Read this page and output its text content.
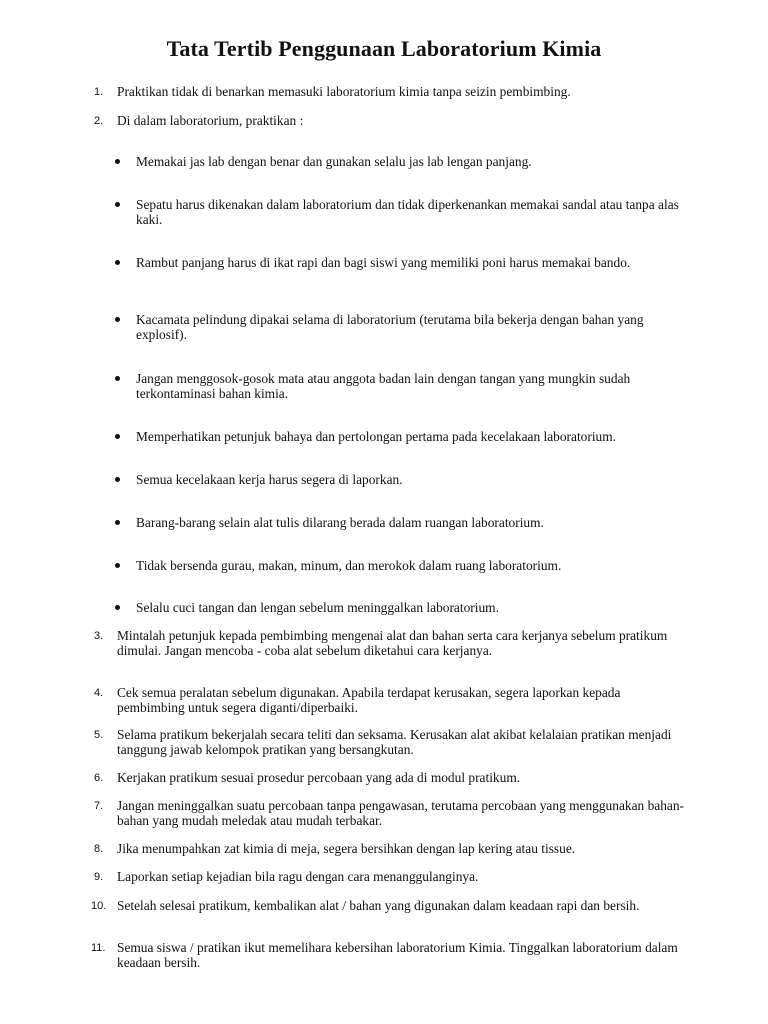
Tata Tertib Penggunaan Laboratorium Kimia
1. Praktikan tidak di benarkan memasuki laboratorium kimia tanpa seizin pembimbing.
2. Di dalam laboratorium, praktikan :
Memakai jas lab dengan benar dan gunakan selalu jas lab lengan panjang.
Sepatu harus dikenakan dalam laboratorium dan tidak diperkenankan memakai sandal atau tanpa alas kaki.
Rambut panjang harus di ikat rapi dan bagi siswi yang memiliki poni harus memakai bando.
Kacamata pelindung dipakai selama di laboratorium (terutama bila bekerja dengan bahan yang explosif).
Jangan menggosok-gosok mata atau anggota badan lain dengan tangan yang mungkin sudah terkontaminasi bahan kimia.
Memperhatikan petunjuk bahaya dan pertolongan pertama pada kecelakaan laboratorium.
Semua kecelakaan kerja harus segera di laporkan.
Barang-barang selain alat tulis dilarang berada dalam ruangan laboratorium.
Tidak bersenda gurau, makan, minum, dan merokok dalam ruang laboratorium.
Selalu cuci tangan dan lengan sebelum meninggalkan laboratorium.
3. Mintalah petunjuk kepada pembimbing mengenai alat dan bahan serta cara kerjanya sebelum pratikum dimulai. Jangan mencoba - coba alat sebelum diketahui cara kerjanya.
4. Cek semua peralatan sebelum digunakan. Apabila terdapat kerusakan, segera laporkan kepada pembimbing untuk segera diganti/diperbaiki.
5. Selama pratikum bekerjalah secara teliti dan seksama. Kerusakan alat akibat kelalaian pratikan menjadi tanggung jawab kelompok pratikan yang bersangkutan.
6. Kerjakan pratikum sesuai prosedur percobaan yang ada di modul pratikum.
7. Jangan meninggalkan suatu percobaan tanpa pengawasan, terutama percobaan yang menggunakan bahan-bahan yang mudah meledak atau mudah terbakar.
8. Jika menumpahkan zat kimia di meja, segera bersihkan dengan lap kering atau tissue.
9. Laporkan setiap kejadian bila ragu dengan cara menanggulanginya.
10. Setelah selesai pratikum, kembalikan alat / bahan yang digunakan dalam keadaan rapi dan bersih.
11. Semua siswa / pratikan ikut memelihara kebersihan laboratorium Kimia. Tinggalkan laboratorium dalam keadaan bersih.
